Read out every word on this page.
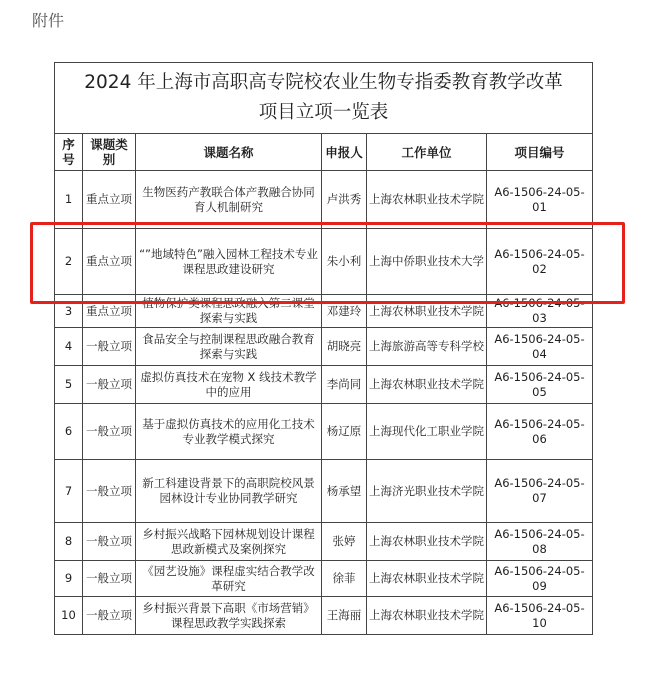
附件
2024 年上海市高职高专院校农业生物专指委教育教学改革
项目立项一览表					

序号	课题类别	课题名称	申报人	工作单位	项目编号
1	重点立项	生物医药产教联合体产教融合协同育人机制研究	卢洪秀	上海农林职业技术学院	A6-1506-24-05-01
2	重点立项	“”地域特色”融入园林工程技术专业课程思政建设研究	朱小利	上海中侨职业技术大学	A6-1506-24-05-02
3	重点立项	植物保护类课程思政融入第二课堂探索与实践	邓建玲	上海农林职业技术学院	A6-1506-24-05-03
4	一般立项	食品安全与控制课程思政融合教育探索与实践	胡晓亮	上海旅游高等专科学校	A6-1506-24-05-04
5	一般立项	虚拟仿真技术在宠物 X 线技术教学中的应用	李尚同	上海农林职业技术学院	A6-1506-24-05-05
6	一般立项	基于虚拟仿真技术的应用化工技术专业教学模式探究	杨辽原	上海现代化工职业学院	A6-1506-24-05-06
7	一般立项	新工科建设背景下的高职院校风景园林设计专业协同教学研究	杨承望	上海济光职业技术学院	A6-1506-24-05-07
8	一般立项	乡村振兴战略下园林规划设计课程思政新模式及案例探究	张婷	上海农林职业技术学院	A6-1506-24-05-08
9	一般立项	《园艺设施》课程虚实结合教学改革研究	徐菲	上海农林职业技术学院	A6-1506-24-05-09
10	一般立项	乡村振兴背景下高职《市场营销》课程思政教学实践探索	王海丽	上海农林职业技术学院	A6-1506-24-05-10
